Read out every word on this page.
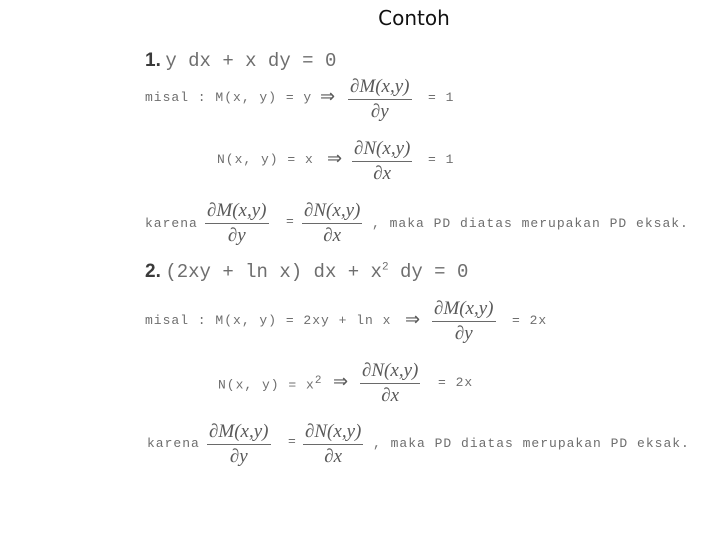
Contoh
1. y dx + x dy = 0
misal : M(x, y) = y ⇒ $\frac{\partial M(x,y)}{\partial y} = 1$
N(x, y) = x ⇒ $\frac{\partial N(x,y)}{\partial x} = 1$
karena $\frac{\partial M(x,y)}{\partial y} = \frac{\partial N(x,y)}{\partial x}$ , maka PD diatas merupakan PD eksak.
2. (2xy + ln x) dx + $x^2$ dy = 0
misal : M(x, y) = 2xy + ln x ⇒ $\frac{\partial M(x,y)}{\partial y} = 2x$
N(x, $y) = x^2$ ⇒ $\frac{\partial N(x,y)}{\partial x} = 2x$
karena $\frac{\partial M(x,y)}{\partial y} = \frac{\partial N(x,y)}{\partial x}$ , maka PD diatas merupakan PD eksak.
